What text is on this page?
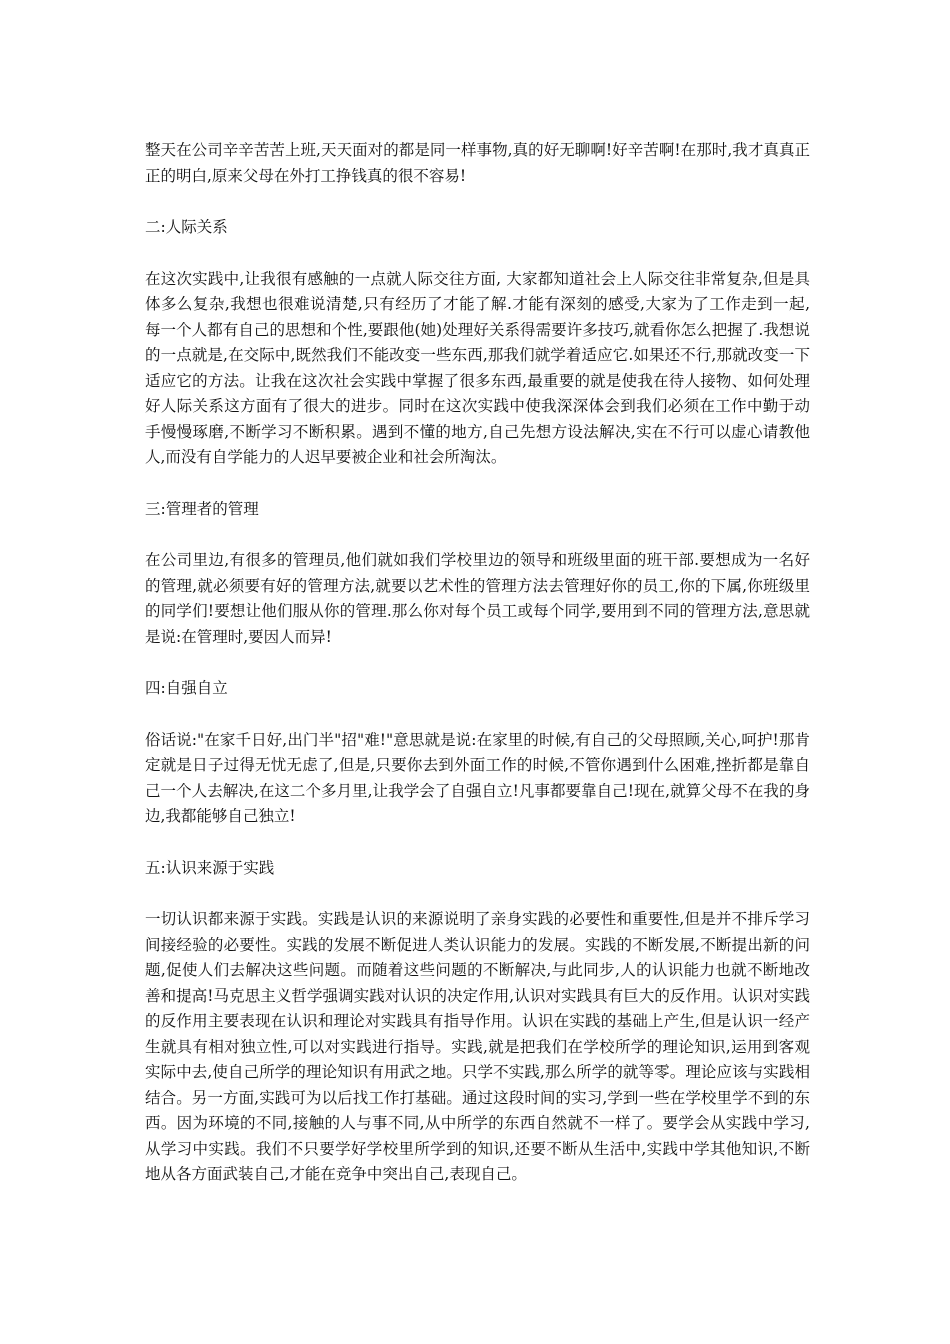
整天在公司辛辛苦苦上班,天天面对的都是同一样事物,真的好无聊啊!好辛苦啊!在那时,我才真真正正的明白,原来父母在外打工挣钱真的很不容易!

二:人际关系

在这次实践中,让我很有感触的一点就人际交往方面, 大家都知道社会上人际交往非常复杂,但是具体多么复杂,我想也很难说清楚,只有经历了才能了解.才能有深刻的感受,大家为了工作走到一起, 每一个人都有自己的思想和个性,要跟他(她)处理好关系得需要许多技巧,就看你怎么把握了.我想说的一点就是,在交际中,既然我们不能改变一些东西,那我们就学着适应它.如果还不行,那就改变一下适应它的方法。让我在这次社会实践中掌握了很多东西,最重要的就是使我在待人接物、如何处理好人际关系这方面有了很大的进步。同时在这次实践中使我深深体会到我们必须在工作中勤于动手慢慢琢磨,不断学习不断积累。遇到不懂的地方,自己先想方设法解决,实在不行可以虚心请教他人,而没有自学能力的人迟早要被企业和社会所淘汰。

三:管理者的管理

在公司里边,有很多的管理员,他们就如我们学校里边的领导和班级里面的班干部.要想成为一名好的管理,就必须要有好的管理方法,就要以艺术性的管理方法去管理好你的员工,你的下属,你班级里的同学们!要想让他们服从你的管理.那么你对每个员工或每个同学,要用到不同的管理方法,意思就是说:在管理时,要因人而异!

四:自强自立

俗话说:"在家千日好,出门半"招"难!"意思就是说:在家里的时候,有自己的父母照顾,关心,呵护!那肯定就是日子过得无忧无虑了,但是,只要你去到外面工作的时候,不管你遇到什么困难,挫折都是靠自己一个人去解决,在这二个多月里,让我学会了自强自立!凡事都要靠自己!现在,就算父母不在我的身边,我都能够自己独立!

五:认识来源于实践

一切认识都来源于实践。实践是认识的来源说明了亲身实践的必要性和重要性,但是并不排斥学习间接经验的必要性。实践的发展不断促进人类认识能力的发展。实践的不断发展,不断提出新的问题,促使人们去解决这些问题。而随着这些问题的不断解决,与此同步,人的认识能力也就不断地改善和提高!马克思主义哲学强调实践对认识的决定作用,认识对实践具有巨大的反作用。认识对实践的反作用主要表现在认识和理论对实践具有指导作用。认识在实践的基础上产生,但是认识一经产生就具有相对独立性,可以对实践进行指导。实践,就是把我们在学校所学的理论知识,运用到客观实际中去,使自己所学的理论知识有用武之地。只学不实践,那么所学的就等零。理论应该与实践相结合。另一方面,实践可为以后找工作打基础。通过这段时间的实习,学到一些在学校里学不到的东西。因为环境的不同,接触的人与事不同,从中所学的东西自然就不一样了。要学会从实践中学习,从学习中实践。我们不只要学好学校里所学到的知识,还要不断从生活中,实践中学其他知识,不断地从各方面武装自己,才能在竞争中突出自己,表现自己。
